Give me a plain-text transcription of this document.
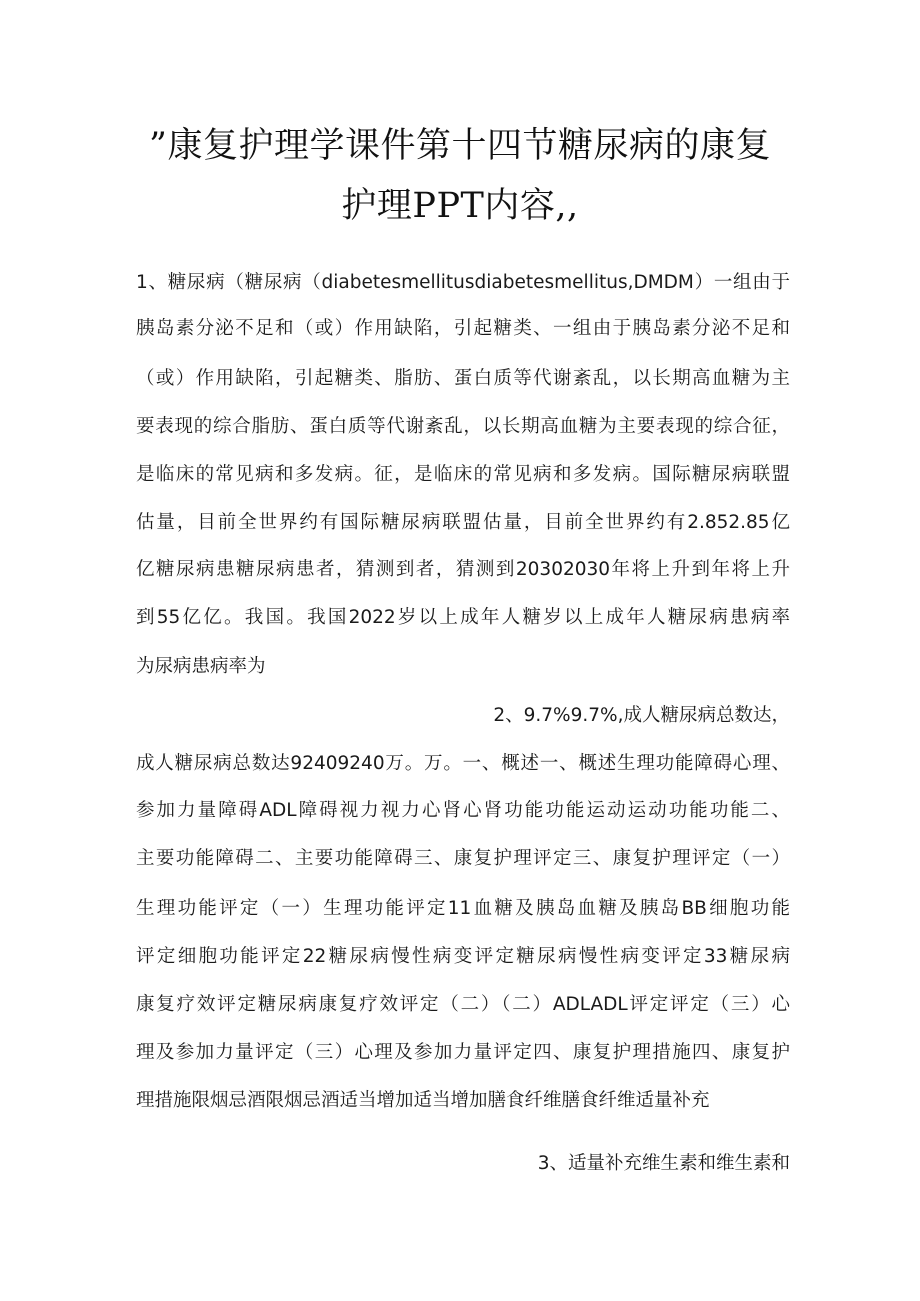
”康复护理学课件第十四节糖尿病的康复
护理PPT内容,,
1、糖尿病（糖尿病（diabetesmellitusdiabetesmellitus,DMDM）一组由于
胰岛素分泌不足和（或）作用缺陷，引起糖类、一组由于胰岛素分泌不足和
（或）作用缺陷，引起糖类、脂肪、蛋白质等代谢紊乱，以长期高血糖为主
要表现的综合脂肪、蛋白质等代谢紊乱，以长期高血糖为主要表现的综合征，
是临床的常见病和多发病。征，是临床的常见病和多发病。国际糖尿病联盟
估量，目前全世界约有国际糖尿病联盟估量，目前全世界约有2.852.85亿
亿糖尿病患糖尿病患者，猜测到者，猜测到20302030年将上升到年将上升
到55亿亿。我国。我国2022岁以上成年人糖岁以上成年人糖尿病患病率
为尿病患病率为
2、9.7%9.7%,成人糖尿病总数达，
成人糖尿病总数达92409240万。万。一、概述一、概述生理功能障碍心理、
参加力量障碍ADL障碍视力视力心肾心肾功能功能运动运动功能功能二、
主要功能障碍二、主要功能障碍三、康复护理评定三、康复护理评定（一）
生理功能评定（一）生理功能评定11血糖及胰岛血糖及胰岛BB细胞功能
评定细胞功能评定22糖尿病慢性病变评定糖尿病慢性病变评定33糖尿病
康复疗效评定糖尿病康复疗效评定（二）（二）ADLADL评定评定（三）心
理及参加力量评定（三）心理及参加力量评定四、康复护理措施四、康复护
理措施限烟忌酒限烟忌酒适当增加适当增加膳食纤维膳食纤维适量补充
3、适量补充维生素和维生素和
